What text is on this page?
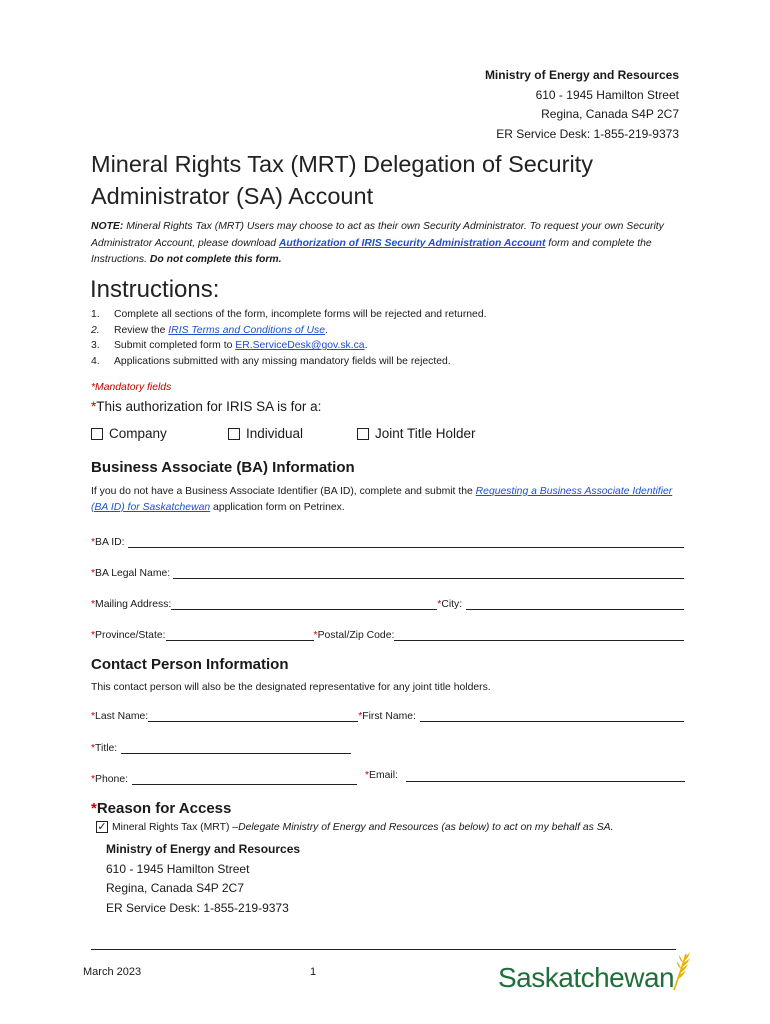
Ministry of Energy and Resources
610 - 1945 Hamilton Street
Regina, Canada S4P 2C7
ER Service Desk: 1-855-219-9373
Mineral Rights Tax (MRT) Delegation of Security
Administrator (SA) Account
NOTE: Mineral Rights Tax (MRT) Users may choose to act as their own Security Administrator. To request your own Security Administrator Account, please download Authorization of IRIS Security Administration Account form and complete the Instructions. Do not complete this form.
Instructions:
1.	Complete all sections of the form, incomplete forms will be rejected and returned.
2.	Review the IRIS Terms and Conditions of Use.
3.	Submit completed form to ER.ServiceDesk@gov.sk.ca.
4.	Applications submitted with any missing mandatory fields will be rejected.
*Mandatory fields
*This authorization for IRIS SA is for a:
Company	Individual	Joint Title Holder
Business Associate (BA) Information
If you do not have a Business Associate Identifier (BA ID), complete and submit the Requesting a Business Associate Identifier (BA ID) for Saskatchewan application form on Petrinex.
* BA ID:
* BA Legal Name:
* Mailing Address:	* City:
* Province/State:	* Postal/Zip Code:
Contact Person Information
This contact person will also be the designated representative for any joint title holders.
* Last Name:	* First Name:
* Title:
* Phone:	* Email:
*Reason for Access
✓ Mineral Rights Tax (MRT) – Delegate Ministry of Energy and Resources (as below) to act on my behalf as SA.
Ministry of Energy and Resources
610 - 1945 Hamilton Street
Regina, Canada S4P 2C7
ER Service Desk: 1-855-219-9373
March 2023	1	Saskatchewan
